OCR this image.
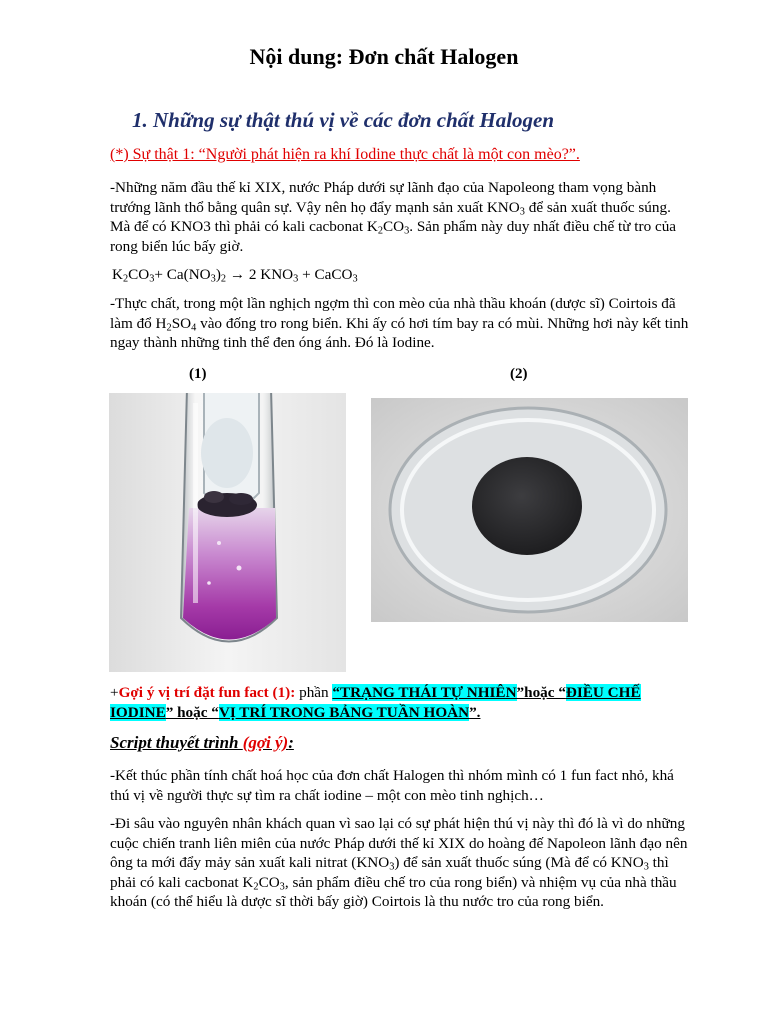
Nội dung: Đơn chất Halogen
1. Những sự thật thú vị về các đơn chất Halogen

(*) Sự thật 1: “Người phát hiện ra khí Iodine thực chất là một con mèo?”.

-Những năm đầu thế kỉ XIX, nước Pháp dưới sự lãnh đạo của Napoleong tham vọng bành trướng lãnh thổ bằng quân sự. Vậy nên họ đẩy mạnh sản xuất $KNO_3$ để sản xuất thuốc súng. Mà để có KNO3 thì phải có kali cacbonat $K_2CO_3$. Sản phẩm này duy nhất điều chế từ tro của rong biển lúc bấy giờ.

$K_2CO_3+ Ca(NO_3)_2 \to 2$ $KNO_3$ + CaCO$_3$

-Thực chất, trong một lần nghịch ngợm thì con mèo của nhà thầu khoán (dược sĩ) Coirtois đã làm đổ $H_2SO_4$ vào đống tro rong biển. Khi ấy có hơi tím bay ra có mùi. Những hơi này kết tinh ngay thành những tinh thể đen óng ánh. Đó là Iodine.

(1)	(2)

+Gợi ý vị trí đặt fun fact (1): phần “TRẠNG THÁI TỰ NHIÊN”hoặc “ĐIỀU CHẾ IODINE” hoặc “VỊ TRÍ TRONG BẢNG TUẦN HOÀN”.

Script thuyết trình (gợi ý):

-Kết thúc phần tính chất hoá học của đơn chất Halogen thì nhóm mình có 1 fun fact nhỏ, khá thú vị về người thực sự tìm ra chất iodine – một con mèo tinh nghịch…

-Đi sâu vào nguyên nhân khách quan vì sao lại có sự phát hiện thú vị này thì đó là vì do những cuộc chiến tranh liên miên của nước Pháp dưới thế kỉ XIX do hoàng đế Napoleon lãnh đạo nên ông ta mới đẩy mảy sản xuất kali nitrat $(KNO_3)$ để sản xuất thuốc súng (Mà để có $KNO_3$ thì phải có kali cacbonat $K_2CO_3$, sản phẩm điều chế tro của rong biển) và nhiệm vụ của nhà thầu khoán (có thể hiểu là dược sĩ thời bấy giờ) Coirtois là thu nước tro của rong biển.
